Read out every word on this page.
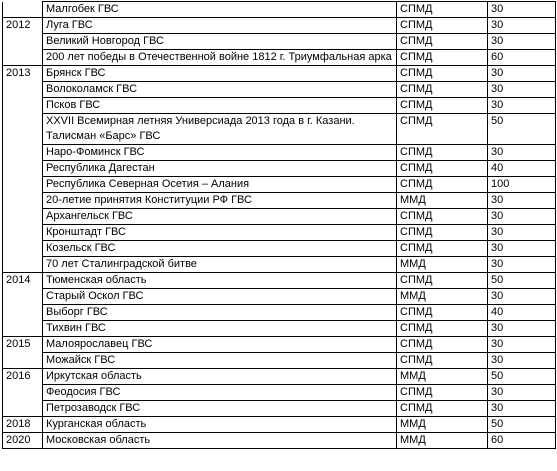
	Малгобек ГВС	СПМД	30
2012	Луга ГВС	СПМД	30
	Великий Новгород ГВС	СПМД	30
	200 лет победы в Отечественной войне 1812 г. Триумфальная арка	СПМД	60
2013	Брянск ГВС	СПМД	30
	Волоколамск ГВС	СПМД	30
	Псков ГВС	СПМД	30
	XXVII Всемирная летняя Универсиада 2013 года в г. Казани. Талисман «Барс» ГВС	СПМД	50
	Наро-Фоминск ГВС	СПМД	30
	Республика Дагестан	СПМД	40
	Республика Северная Осетия – Алания	СПМД	100
	20-летие принятия Конституции РФ ГВС	ММД	30
	Архангельск ГВС	СПМД	30
	Кронштадт ГВС	СПМД	30
	Козельск ГВС	СПМД	30
	70 лет Сталинградской битве	ММД	30
2014	Тюменская область	СПМД	50
	Старый Оскол ГВС	ММД	30
	Выборг ГВС	СПМД	40
	Тихвин ГВС	СПМД	30
2015	Малоярославец ГВС	СПМД	30
	Можайск ГВС	СПМД	30
2016	Иркутская область	ММД	50
	Феодосия ГВС	СПМД	30
	Петрозаводск ГВС	СПМД	30
2018	Курганская область	ММД	50
2020	Московская область	ММД	60
